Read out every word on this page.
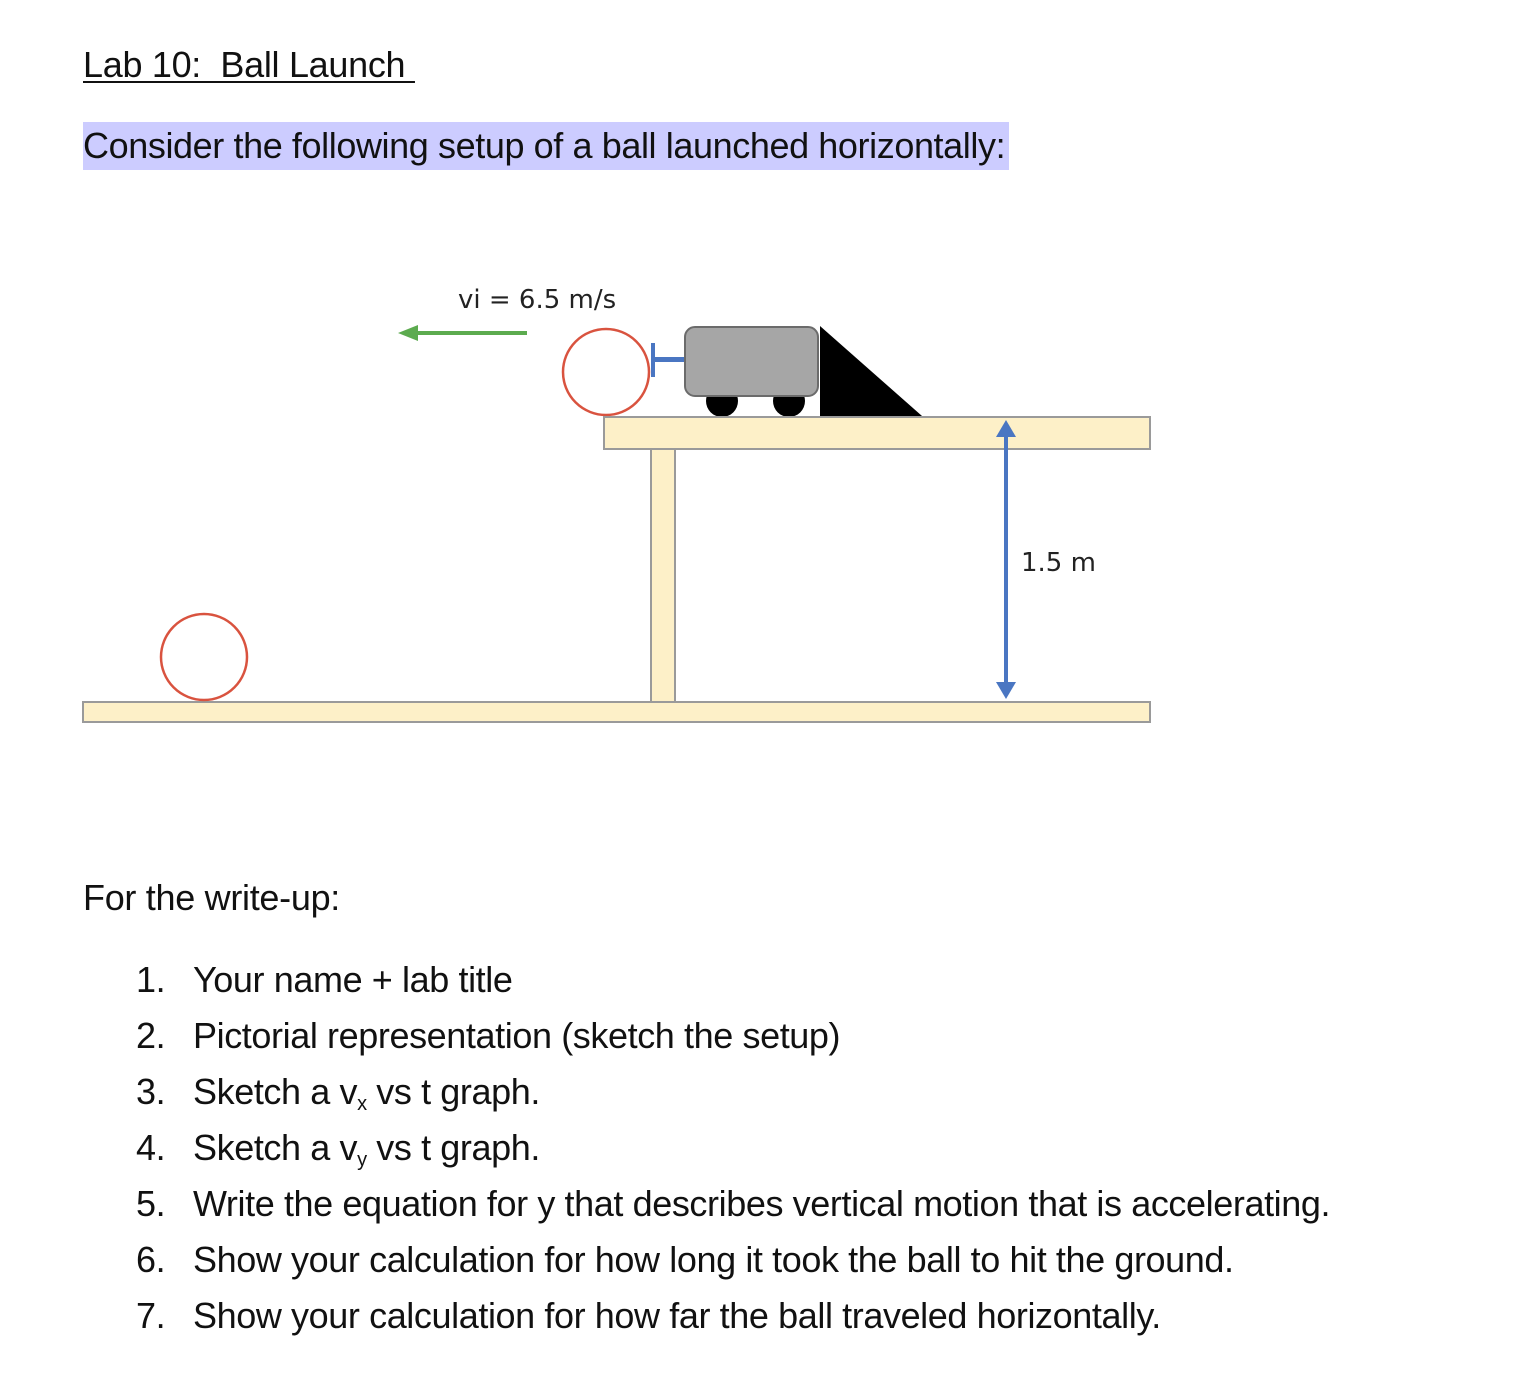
Lab 10:  Ball Launch
Consider the following setup of a ball launched horizontally:
vi = 6.5 m/s
1.5 m
For the write-up:
1. Your name + lab title
2. Pictorial representation (sketch the setup)
3. Sketch a $v_x$ vs t graph.
4. Sketch a $v_y$ vs t graph.
5. Write the equation for y that describes vertical motion that is accelerating.
6. Show your calculation for how long it took the ball to hit the ground.
7. Show your calculation for how far the ball traveled horizontally.
